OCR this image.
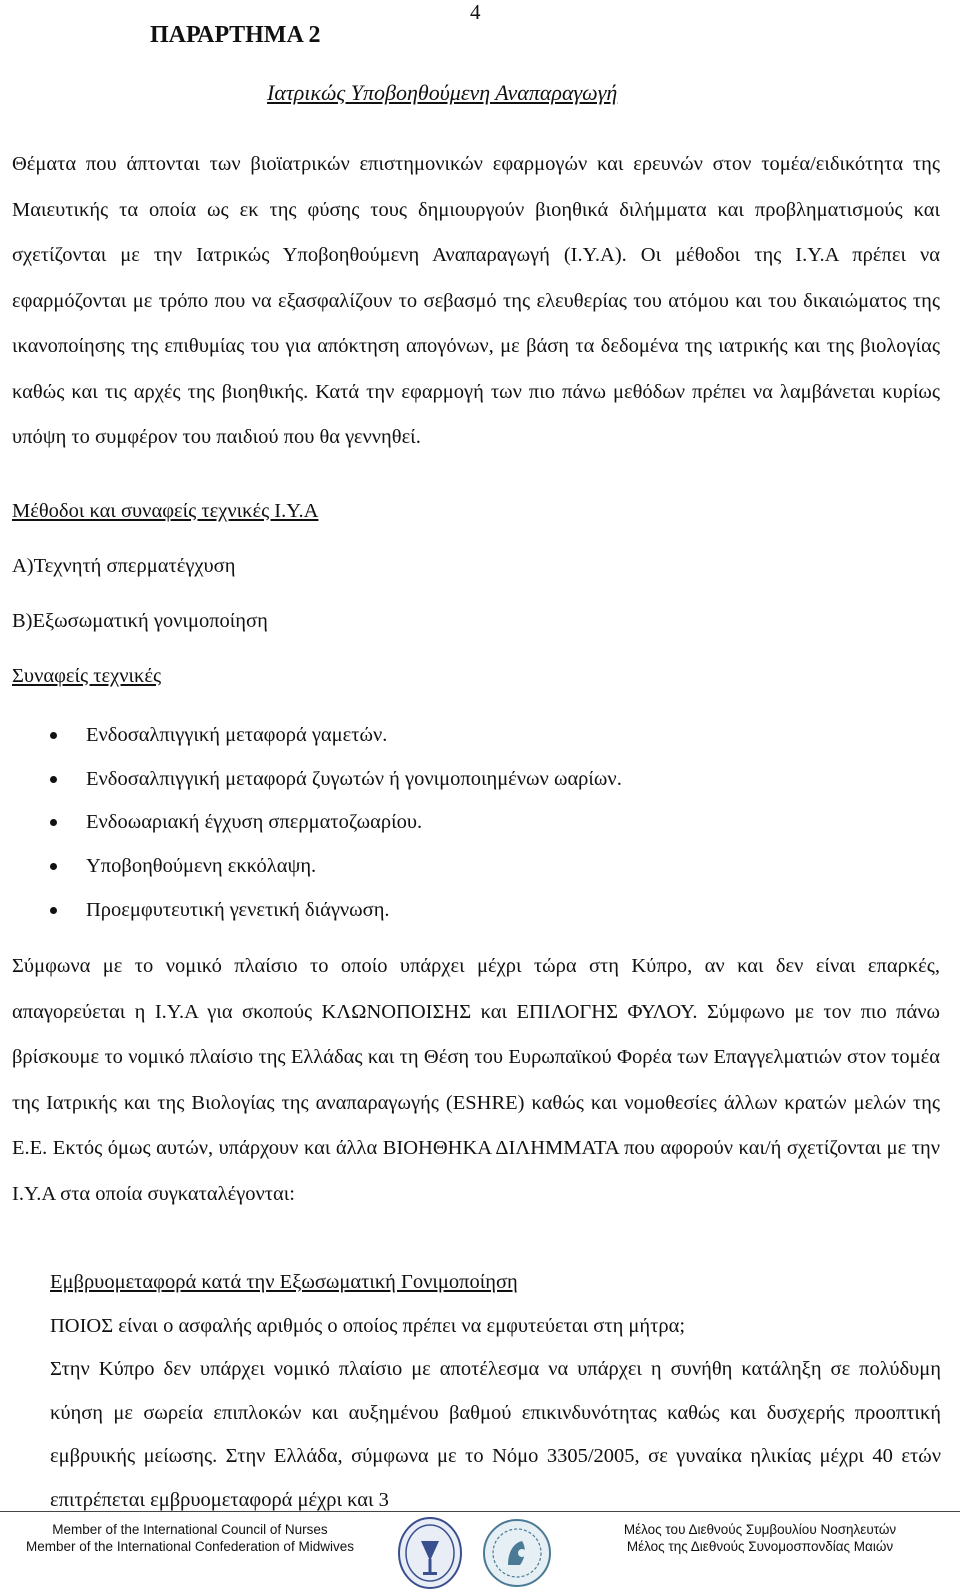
4
ΠΑΡΑΡΤΗΜΑ 2
Ιατρικώς Υποβοηθούμενη Αναπαραγωγή
Θέματα που άπτονται των βιοϊατρικών επιστημονικών εφαρμογών και ερευνών στον τομέα/ειδικότητα της Μαιευτικής τα οποία ως εκ της φύσης τους δημιουργούν βιοηθικά διλήμματα και προβληματισμούς και σχετίζονται με την Ιατρικώς Υποβοηθούμενη Αναπαραγωγή (Ι.Υ.Α). Οι μέθοδοι της Ι.Υ.Α πρέπει να εφαρμόζονται με τρόπο που να εξασφαλίζουν το σεβασμό της ελευθερίας του ατόμου και του δικαιώματος της ικανοποίησης της επιθυμίας του για απόκτηση απογόνων, με βάση τα δεδομένα της ιατρικής και της βιολογίας καθώς και τις αρχές της βιοηθικής. Κατά την εφαρμογή των πιο πάνω μεθόδων πρέπει να λαμβάνεται κυρίως υπόψη το συμφέρον του παιδιού που θα γεννηθεί.
Μέθοδοι και συναφείς τεχνικές Ι.Υ.Α
Α)Τεχνητή σπερματέγχυση
Β)Εξωσωματική γονιμοποίηση
Συναφείς τεχνικές
Ενδοσαλπιγγική μεταφορά γαμετών.
Ενδοσαλπιγγική μεταφορά ζυγωτών ή γονιμοποιημένων ωαρίων.
Ενδοωαριακή έγχυση σπερματοζωαρίου.
Υποβοηθούμενη εκκόλαψη.
Προεμφυτευτική γενετική διάγνωση.
Σύμφωνα με το νομικό πλαίσιο το οποίο υπάρχει μέχρι τώρα στη Κύπρο, αν και δεν είναι επαρκές, απαγορεύεται η Ι.Υ.Α για σκοπούς ΚΛΩΝΟΠΟΙΣΗΣ και ΕΠΙΛΟΓΗΣ ΦΥΛΟΥ. Σύμφωνο με τον πιο πάνω βρίσκουμε το νομικό πλαίσιο της Ελλάδας και τη Θέση του Ευρωπαϊκού Φορέα των Επαγγελματιών στον τομέα της Ιατρικής και της Βιολογίας της αναπαραγωγής (ESHRE) καθώς και νομοθεσίες άλλων κρατών μελών της Ε.Ε. Εκτός όμως αυτών, υπάρχουν και άλλα ΒΙΟΗΘΗΚΑ ΔΙΛΗΜΜΑΤΑ που αφορούν και/ή σχετίζονται με την Ι.Υ.Α στα οποία συγκαταλέγονται:
Εμβρυομεταφορά κατά την Εξωσωματική Γονιμοποίηση
ΠΟΙΟΣ είναι ο ασφαλής αριθμός ο οποίος πρέπει να εμφυτεύεται στη μήτρα;
Στην Κύπρο δεν υπάρχει νομικό πλαίσιο με αποτέλεσμα να υπάρχει η συνήθη κατάληξη σε πολύδυμη κύηση με σωρεία επιπλοκών και αυξημένου βαθμού επικινδυνότητας καθώς και δυσχερής προοπτική εμβρυικής μείωσης. Στην Ελλάδα, σύμφωνα με το Νόμο 3305/2005, σε γυναίκα ηλικίας μέχρι 40 ετών επιτρέπεται εμβρυομεταφορά μέχρι και 3
Member of the International Council of Nurses
Member of the International Confederation of Midwives
Μέλος του Διεθνούς Συμβουλίου Νοσηλευτών
Μέλος της Διεθνούς Συνομοσπονδίας Μαιών
